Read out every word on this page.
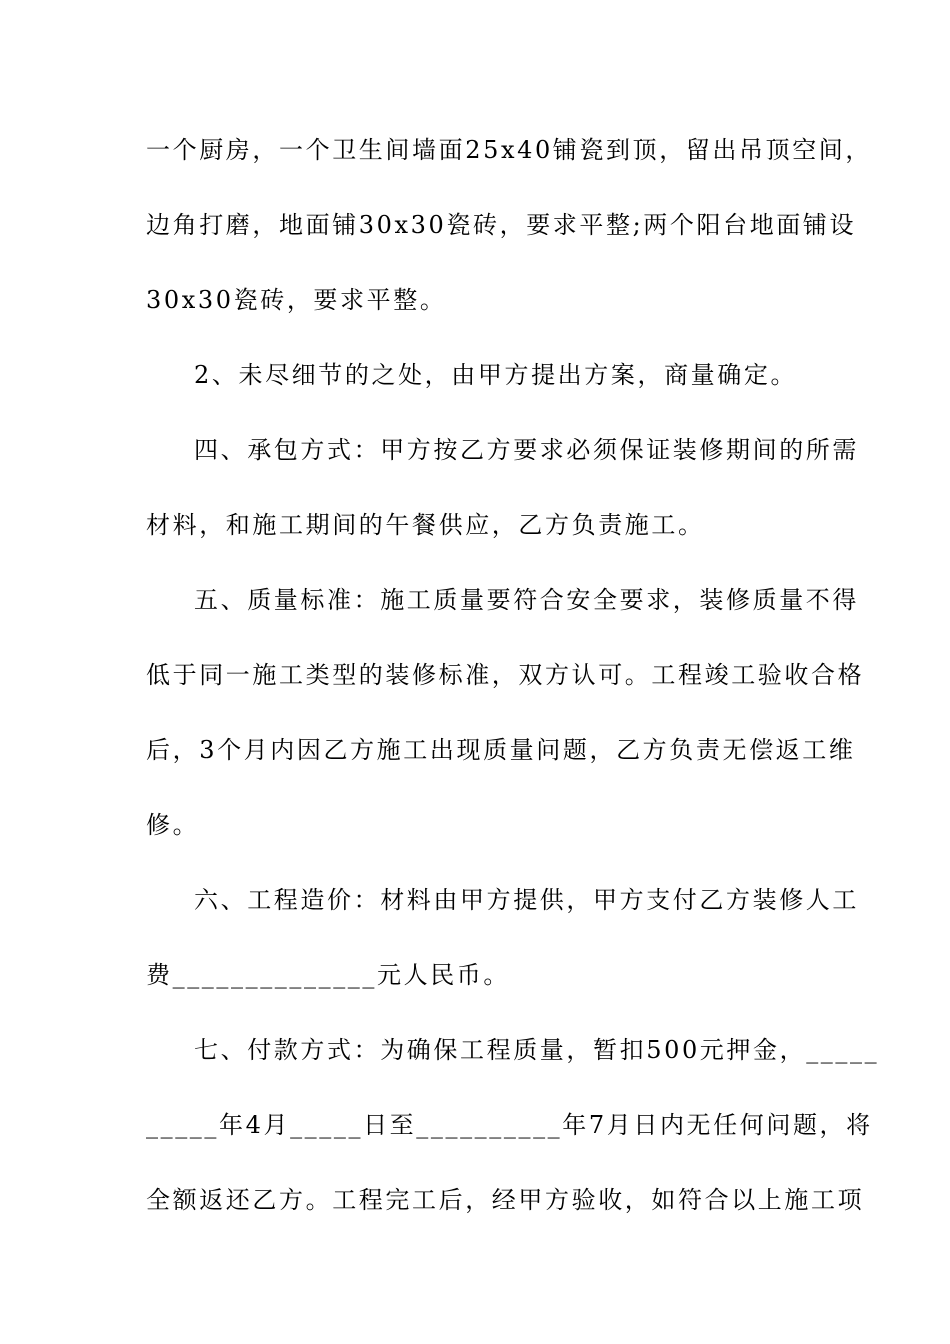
一个厨房，一个卫生间墙面25x40铺瓷到顶，留出吊顶空间，
边角打磨，地面铺30x30瓷砖，要求平整;两个阳台地面铺设
30x30瓷砖，要求平整。
2、未尽细节的之处，由甲方提出方案，商量确定。
四、承包方式：甲方按乙方要求必须保证装修期间的所需
材料，和施工期间的午餐供应，乙方负责施工。
五、质量标准：施工质量要符合安全要求，装修质量不得
低于同一施工类型的装修标准，双方认可。工程竣工验收合格
后，3个月内因乙方施工出现质量问题，乙方负责无偿返工维
修。
六、工程造价：材料由甲方提供，甲方支付乙方装修人工
费______________元人民币。
七、付款方式：为确保工程质量，暂扣500元押金，_____
_____年4月_____日至__________年7月日内无任何问题，将
全额返还乙方。工程完工后，经甲方验收，如符合以上施工项
